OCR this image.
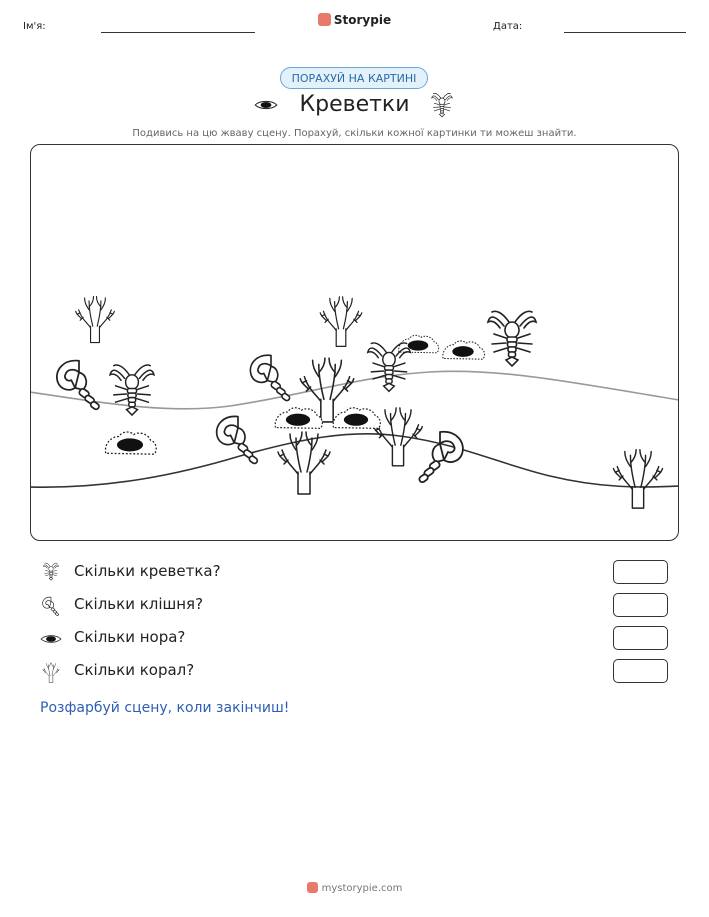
Ім'я:	Storypie	Дата:
ПОРАХУЙ НА КАРТИНІ
Креветки
Подивись на цю жваву сцену. Порахуй, скільки кожної картинки ти можеш знайти.
Скільки креветка?
Скільки клішня?
Скільки нора?
Скільки корал?
Розфарбуй сцену, коли закінчиш!
mystorypie.com
